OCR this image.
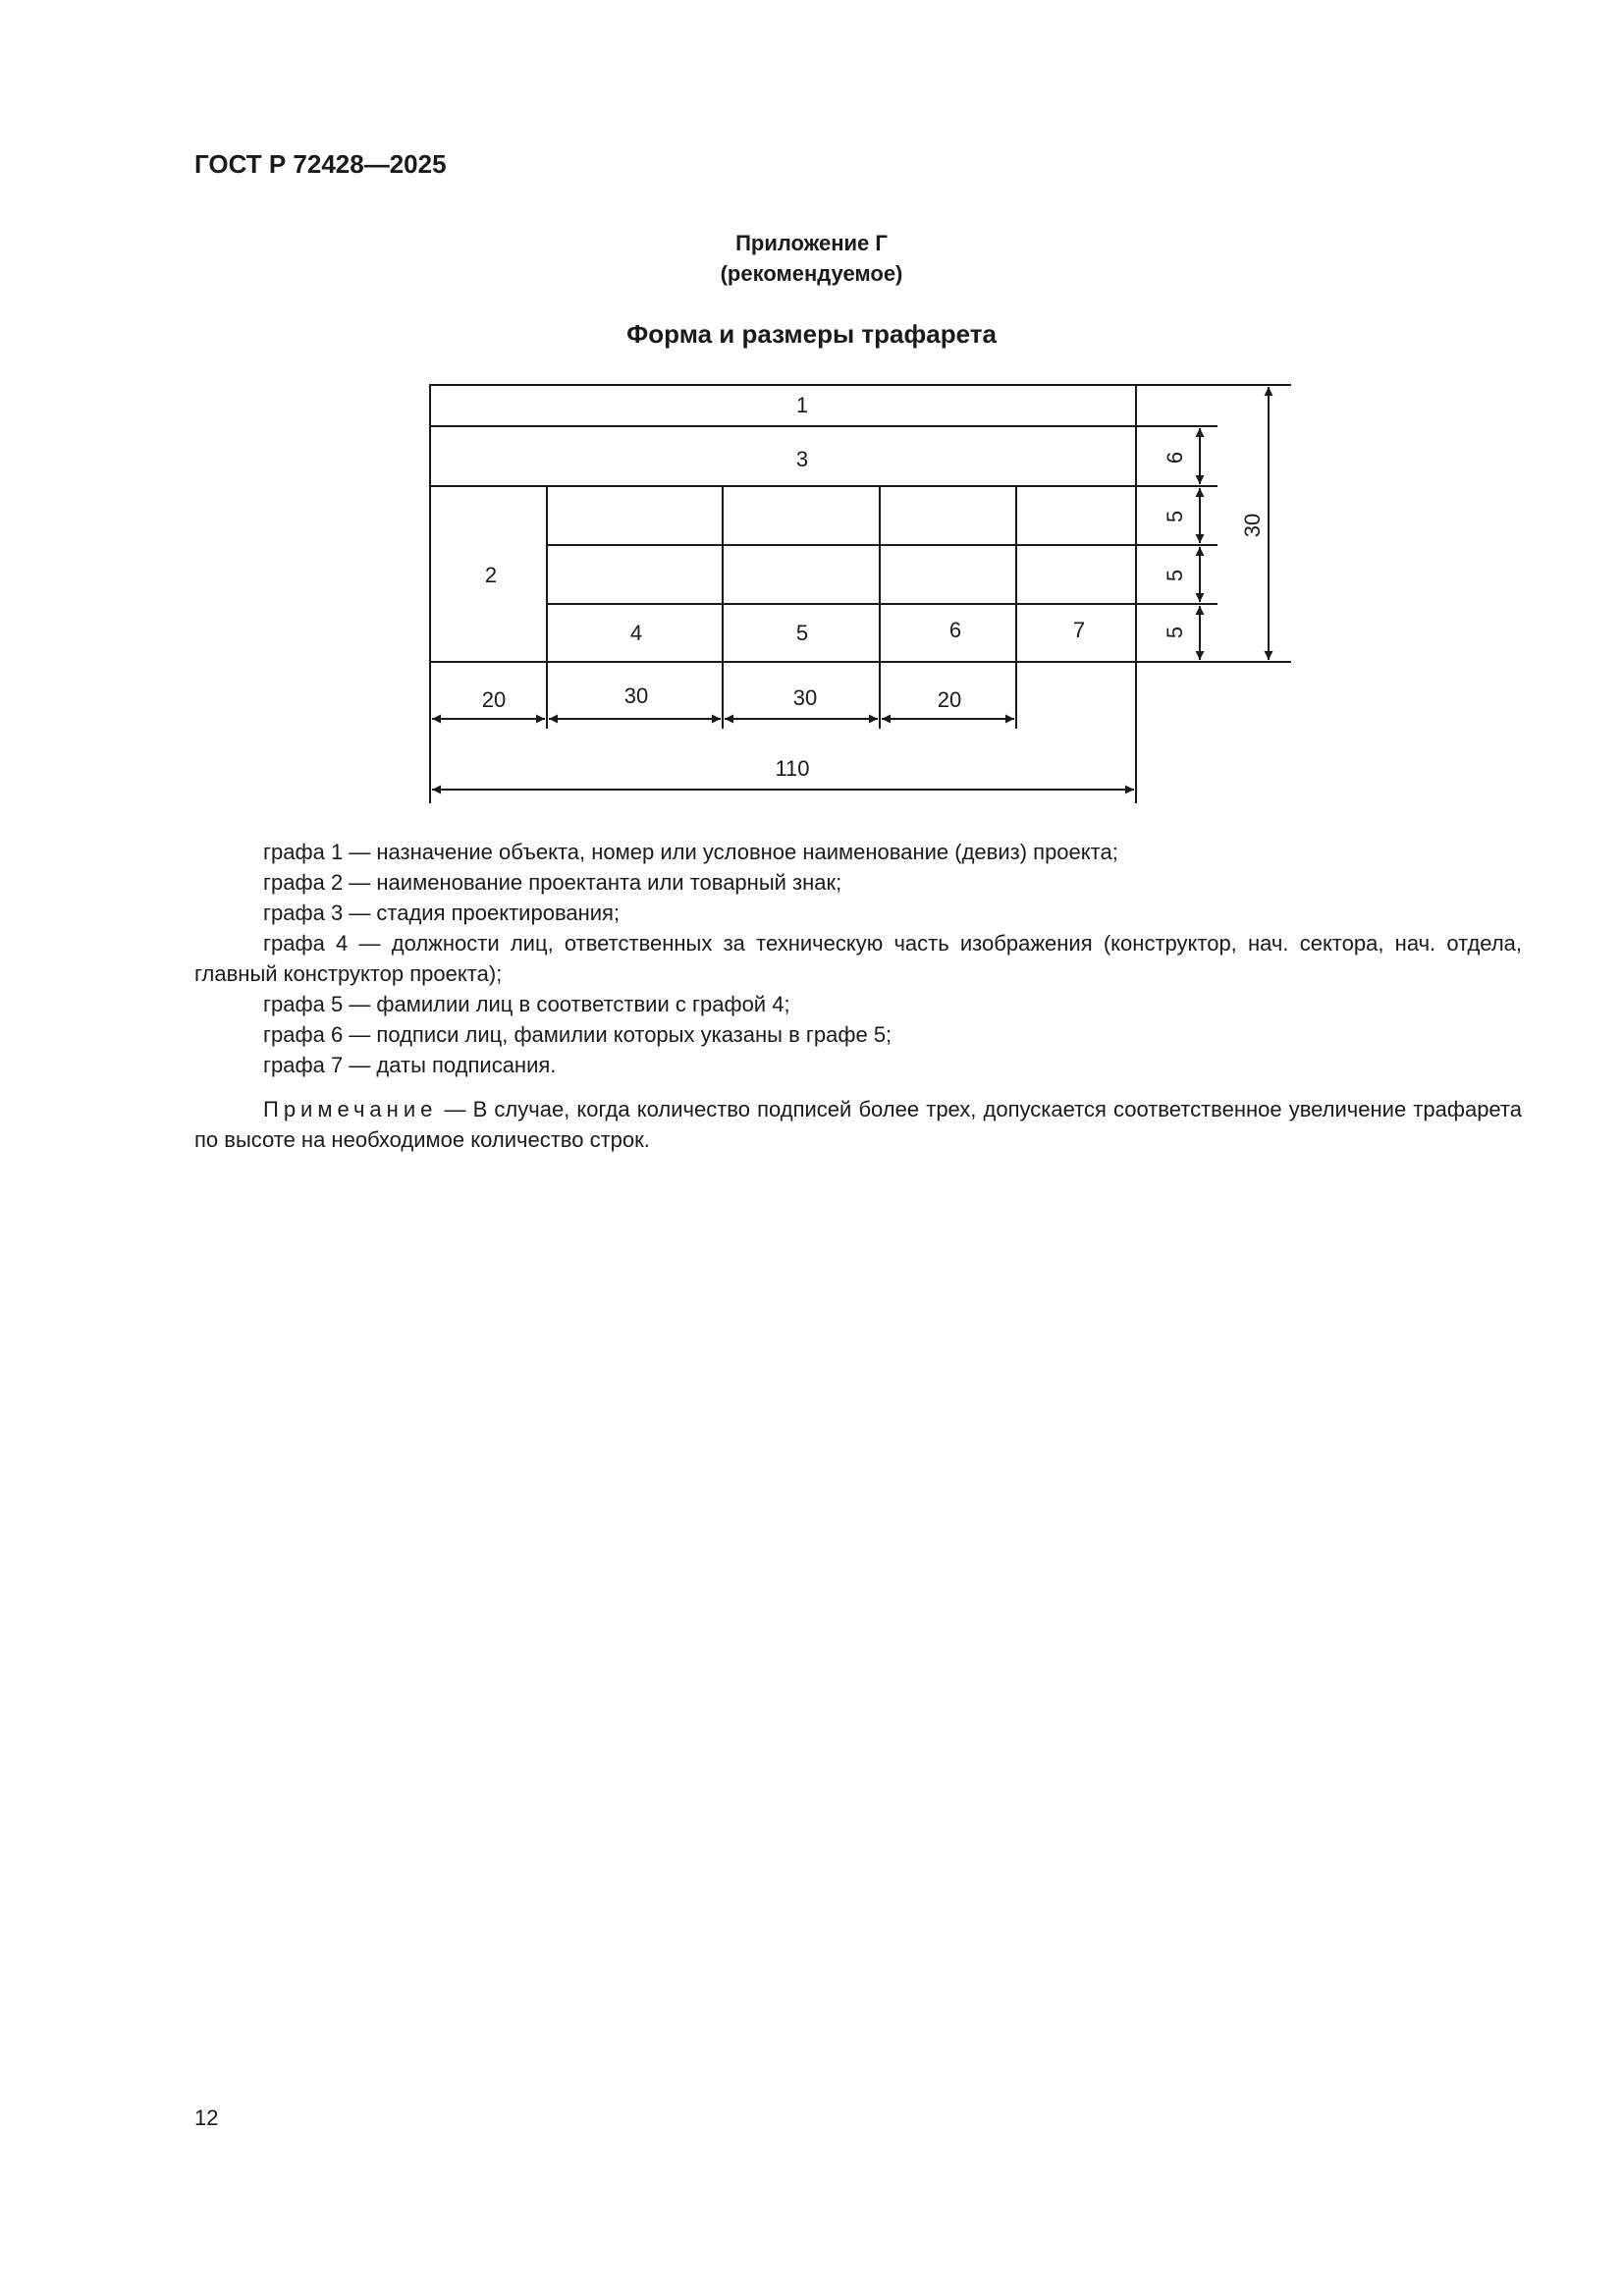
ГОСТ Р 72428—2025
Приложение Г
(рекомендуемое)
Форма и размеры трафарета
1
3
2
4	5	6	7
20	30	30	20
110
6
5
5
5
30

графа 1 — назначение объекта, номер или условное наименование (девиз) проекта;

графа 2 — наименование проектанта или товарный знак;

графа 3 — стадия проектирования;

графа 4 — должности лиц, ответственных за техническую часть изображения (конструктор, нач. сектора, нач. отдела, главный конструктор проекта);

графа 5 — фамилии лиц в соответствии с графой 4;

графа 6 — подписи лиц, фамилии которых указаны в графе 5;

графа 7 — даты подписания.

Примечание — В случае, когда количество подписей более трех, допускается соответственное увеличение трафарета по высоте на необходимое количество строк.

12
